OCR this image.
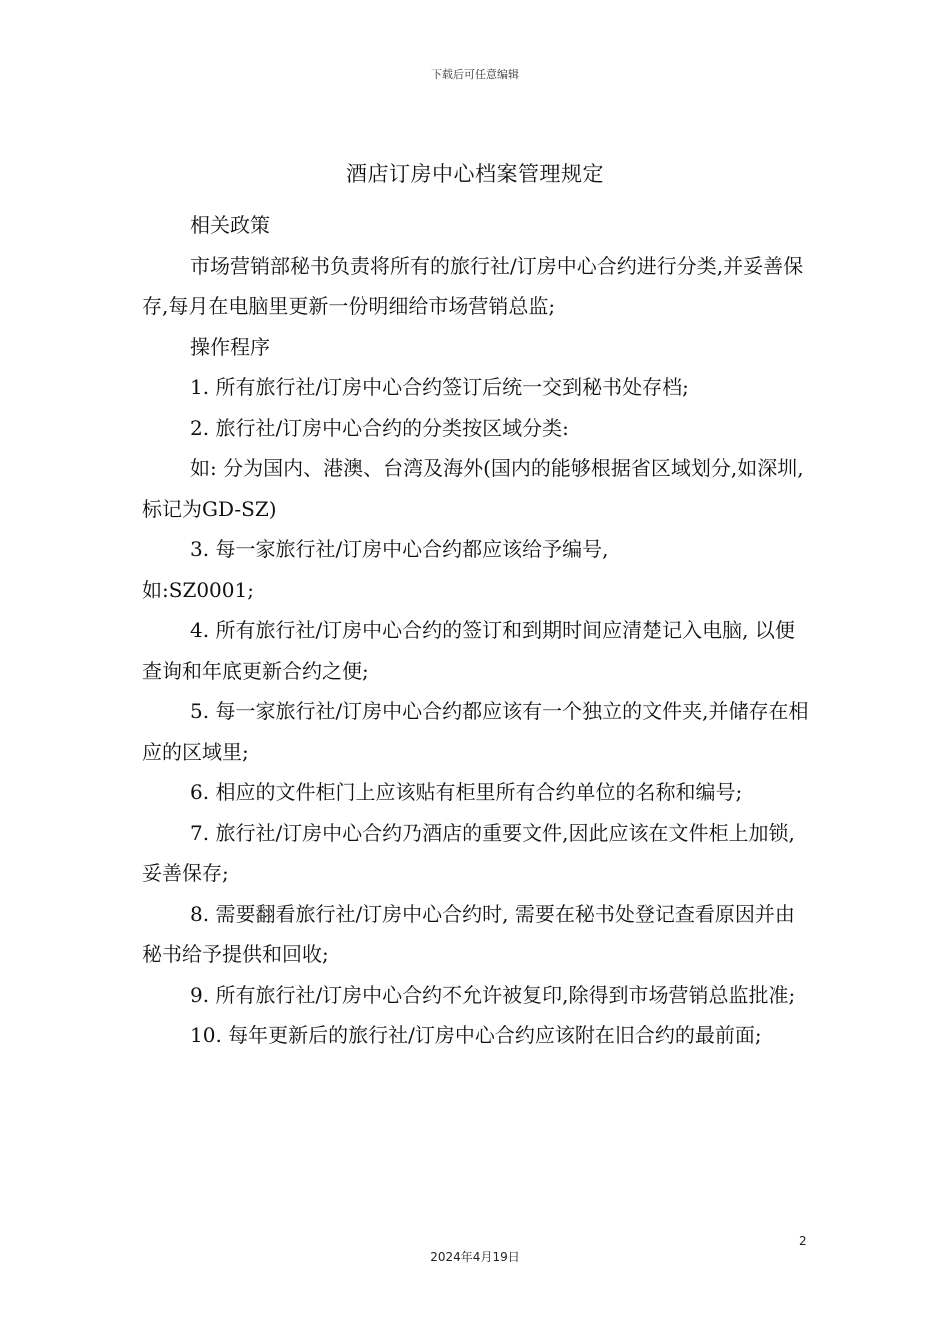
下载后可任意编辑
酒店订房中心档案管理规定

相关政策

市场营销部秘书负责将所有的旅行社/订房中心合约进行分类,并妥善保存,每月在电脑里更新一份明细给市场营销总监;

操作程序

1. 所有旅行社/订房中心合约签订后统一交到秘书处存档;

2. 旅行社/订房中心合约的分类按区域分类:

如: 分为国内、港澳、台湾及海外(国内的能够根据省区域划分,如深圳,标记为GD-SZ)

3. 每一家旅行社/订房中心合约都应该给予编号,

如:SZ0001;

4. 所有旅行社/订房中心合约的签订和到期时间应清楚记入电脑, 以便查询和年底更新合约之便;

5. 每一家旅行社/订房中心合约都应该有一个独立的文件夹,并储存在相应的区域里;

6. 相应的文件柜门上应该贴有柜里所有合约单位的名称和编号;

7. 旅行社/订房中心合约乃酒店的重要文件,因此应该在文件柜上加锁,妥善保存;

8. 需要翻看旅行社/订房中心合约时, 需要在秘书处登记查看原因并由秘书给予提供和回收;

9. 所有旅行社/订房中心合约不允许被复印,除得到市场营销总监批准;

10. 每年更新后的旅行社/订房中心合约应该附在旧合约的最前面;

2
2024年4月19日
